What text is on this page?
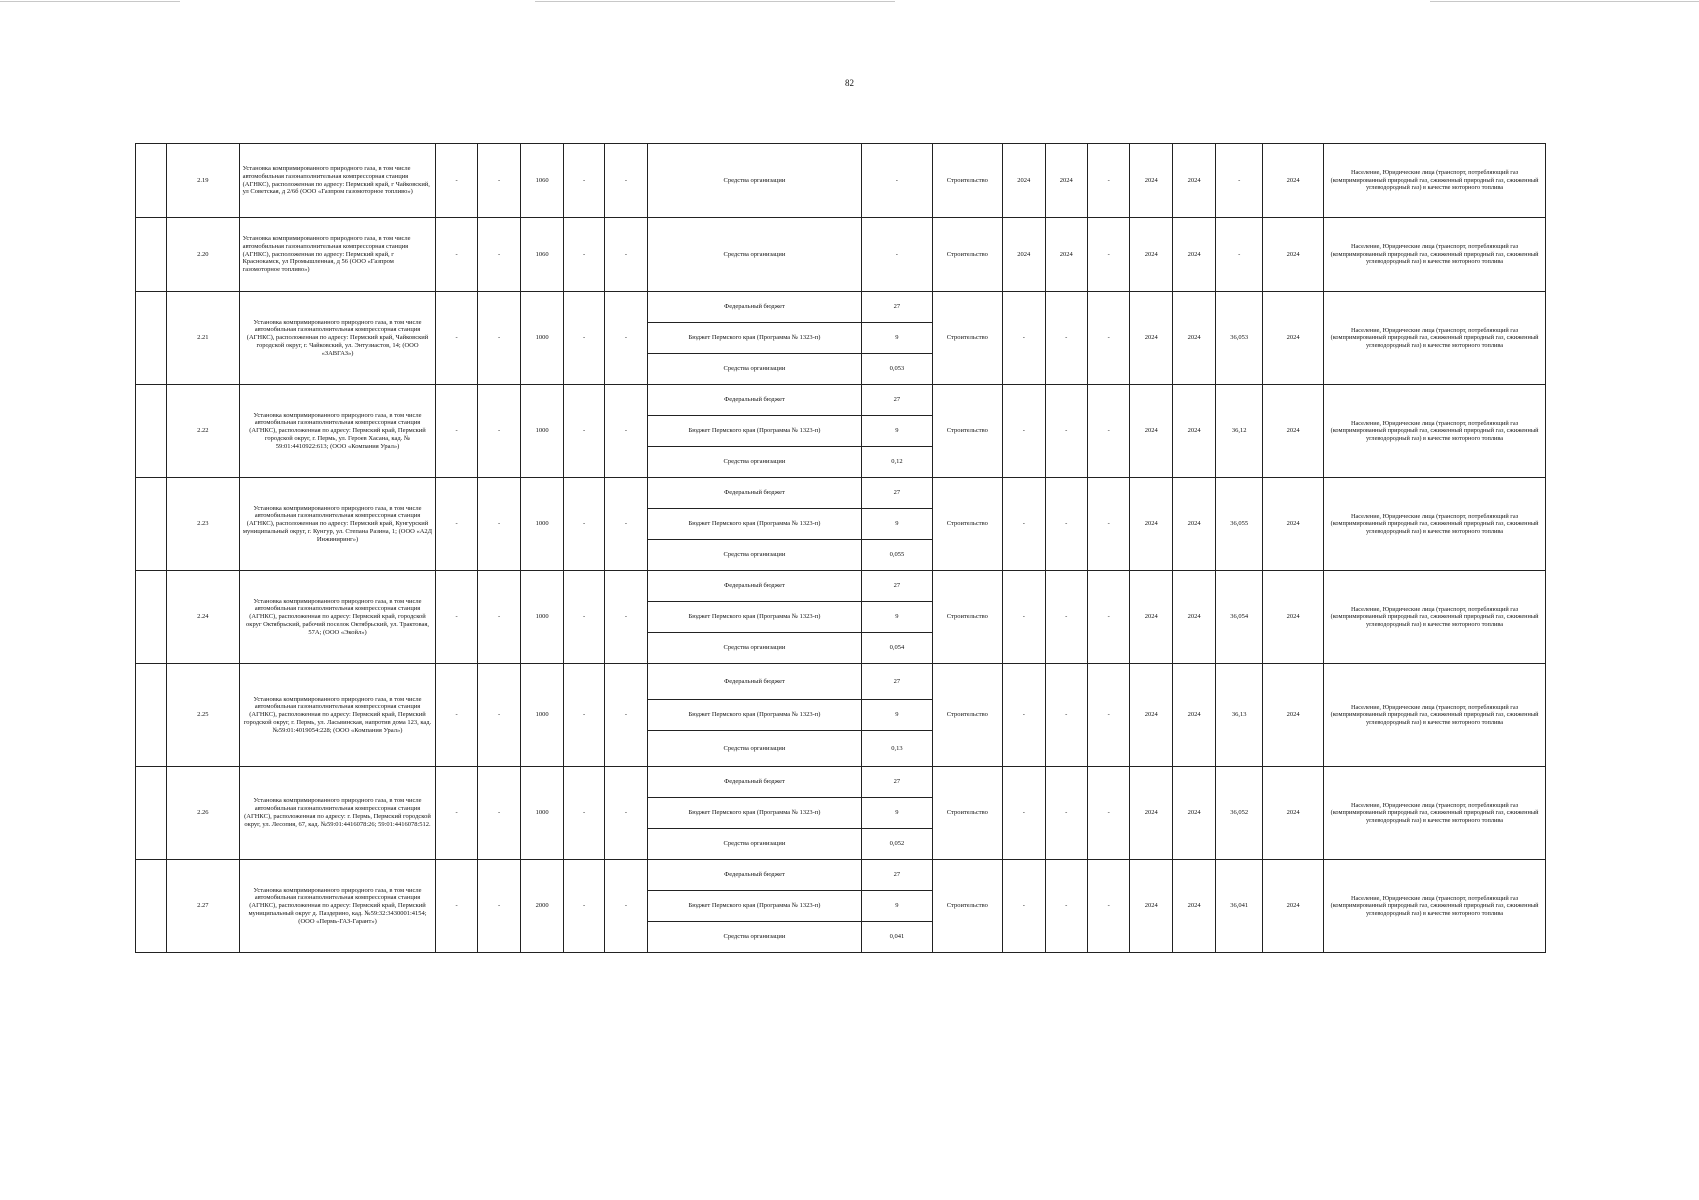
82
	2.19	Установка компримированного природного газа, в том числе автомобильная газонаполнительная компрессорная станция (АГНКС), расположенная по адресу: Пермский край, г Чайковский, ул Советская, д 2/6б (ООО «Газпром газомоторное топливо»)	-	-	1060	-	-	Средства организации	-	Строительство	2024	2024	-	2024	2024	-	2024	Население, Юридические лица (транспорт, потребляющий газ (компримированный природный газ, сжиженный природный газ, сжиженный углеводородный газ) в качестве моторного топлива
	2.20	Установка компримированного природного газа, в том числе автомобильная газонаполнительная компрессорная станция (АГНКС), расположенная по адресу: Пермский край, г Краснокамск, ул Промышленная, д 56 (ООО «Газпром газомоторное топливо»)	-	-	1060	-	-	Средства организации	-	Строительство	2024	2024	-	2024	2024	-	2024	Население, Юридические лица (транспорт, потребляющий газ (компримированный природный газ, сжиженный природный газ, сжиженный углеводородный газ) в качестве моторного топлива
	2.21	Установка компримированного природного газа, в том числе автомобильная газонаполнительная компрессорная станция (АГНКС), расположенная по адресу: Пермский край, Чайковский городской округ, г. Чайковский, ул. Энтузиастов, 14; (ООО «ЗАВГАЗ»)	-	-	1000	-	-	Федеральный бюджет	27	Строительство	-	-	-	2024	2024	36,053	2024	Население, Юридические лица (транспорт, потребляющий газ (компримированный природный газ, сжиженный природный газ, сжиженный углеводородный газ) в качестве моторного топлива
								Бюджет Пермского края (Программа № 1323-п)	9									
								Средства организации	0,053									
	2.22	Установка компримированного природного газа, в том числе автомобильная газонаполнительная компрессорная станция (АГНКС), расположенная по адресу: Пермский край, Пермский городской округ, г. Пермь, ул. Героев Хасана, кад. № 59:01:4410922:613; (ООО «Компания Урал»)	-	-	1000	-	-	Федеральный бюджет	27	Строительство	-	-	-	2024	2024	36,12	2024	Население, Юридические лица (транспорт, потребляющий газ (компримированный природный газ, сжиженный природный газ, сжиженный углеводородный газ) в качестве моторного топлива
								Бюджет Пермского края (Программа № 1323-п)	9									
								Средства организации	0,12									
	2.23	Установка компримированного природного газа, в том числе автомобильная газонаполнительная компрессорная станция (АГНКС), расположенная по адресу: Пермский край, Кунгурский муниципальный округ, г. Кунгур, ул. Степана Разина, 1; (ООО «А2Д Инжиниринг»)	-	-	1000	-	-	Федеральный бюджет	27	Строительство	-	-	-	2024	2024	36,055	2024	Население, Юридические лица (транспорт, потребляющий газ (компримированный природный газ, сжиженный природный газ, сжиженный углеводородный газ) в качестве моторного топлива
								Бюджет Пермского края (Программа № 1323-п)	9									
								Средства организации	0,055									
	2.24	Установка компримированного природного газа, в том числе автомобильная газонаполнительная компрессорная станция (АГНКС), расположенная по адресу: Пермский край, городской округ Октябрьский, рабочий поселок Октябрьский, ул. Трактовая, 57А; (ООО «Экойл»)	-	-	1000	-	-	Федеральный бюджет	27	Строительство	-	-	-	2024	2024	36,054	2024	Население, Юридические лица (транспорт, потребляющий газ (компримированный природный газ, сжиженный природный газ, сжиженный углеводородный газ) в качестве моторного топлива
								Бюджет Пермского края (Программа № 1323-п)	9									
								Средства организации	0,054									
	2.25	Установка компримированного природного газа, в том числе автомобильная газонаполнительная компрессорная станция (АГНКС), расположенная по адресу: Пермский край, Пермский городской округ, г. Пермь, ул. Ласьвинская, напротив дома 123, кад.№59:01:4019054:228; (ООО «Компания Урал»)	-	-	1000	-	-	Федеральный бюджет	27	Строительство	-	-	-	2024	2024	36,13	2024	Население, Юридические лица (транспорт, потребляющий газ (компримированный природный газ, сжиженный природный газ, сжиженный углеводородный газ) в качестве моторного топлива
								Бюджет Пермского края (Программа № 1323-п)	9									
								Средства организации	0,13									
	2.26	Установка компримированного природного газа, в том числе автомобильная газонаполнительная компрессорная станция (АГНКС), расположенная по адресу: г. Пермь, Пермский городской округ, ул. Лесопия, 67, кад. №59:01:4416078:26; 59:01:4416078:512.	-	-	1000	-	-	Федеральный бюджет	27	Строительство	-	-	-	2024	2024	36,052	2024	Население, Юридические лица (транспорт, потребляющий газ (компримированный природный газ, сжиженный природный газ, сжиженный углеводородный газ) в качестве моторного топлива
								Бюджет Пермского края (Программа № 1323-п)	9									
								Средства организации	0,052									
	2.27	Установка компримированного природного газа, в том числе автомобильная газонаполнительная компрессорная станция (АГНКС), расположенная по адресу: Пермский край, Пермский муниципальный округ д. Паздерино, кад. №59:32:3430001:4154; (ООО «Пермь-ГАЗ-Гарант»)	-	-	2000	-	-	Федеральный бюджет	27	Строительство	-	-	-	2024	2024	36,041	2024	Население, Юридические лица (транспорт, потребляющий газ (компримированный природный газ, сжиженный природный газ, сжиженный углеводородный газ) в качестве моторного топлива
								Бюджет Пермского края (Программа № 1323-п)	9									
								Средства организации	0,041									
